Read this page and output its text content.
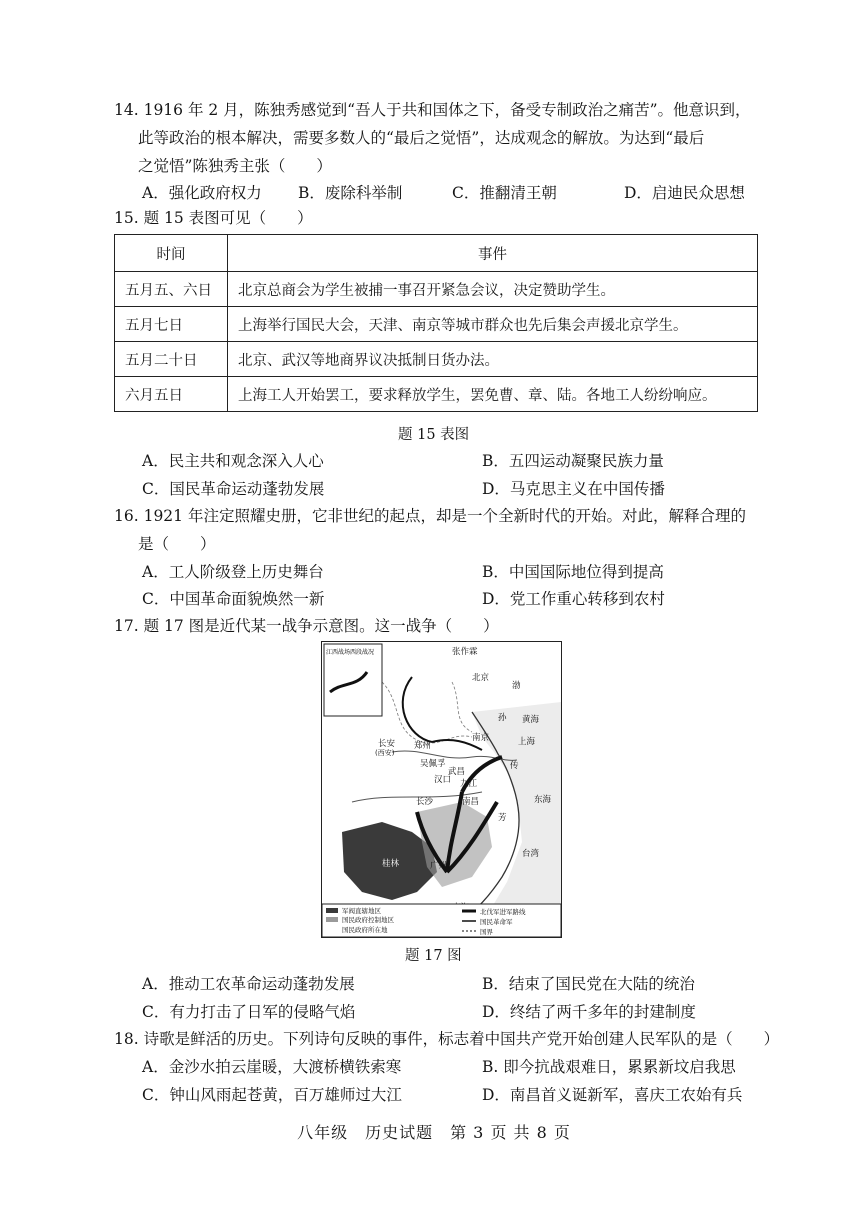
14. 1916 年 2 月，陈独秀感觉到“吾人于共和国体之下，备受专制政治之痛苦”。他意识到，
此等政治的根本解决，需要多数人的“最后之觉悟”，达成观念的解放。为达到“最后
之觉悟”陈独秀主张（　　）
A．强化政府权力 B．废除科举制	C．推翻清王朝	D．启迪民众思想
15. 题 15 表图可见（　　）
时间	事件
五月五、六日	北京总商会为学生被捕一事召开紧急会议，决定赞助学生。
五月七日	上海举行国民大会，天津、南京等城市群众也先后集会声援北京学生。
五月二十日	北京、武汉等地商界议决抵制日货办法。
六月五日	上海工人开始罢工，要求释放学生，罢免曹、章、陆。各地工人纷纷响应。
题 15 表图
A．民主共和观念深入人心	B．五四运动凝聚民族力量
C．国民革命运动蓬勃发展	D．马克思主义在中国传播
16. 1921 年注定照耀史册，它非世纪的起点，却是一个全新时代的开始。对此，解释合理的
是（　　）
A．工人阶级登上历史舞台	B．中国国际地位得到提高
C．中国革命面貌焕然一新	D．党工作重心转移到农村
17. 题 17 图是近代某一战争示意图。这一战争（　　）
江西战场西段战况	张作霖
北京
渤
黄海
长安
(西安)
郑州
吴佩孚
南京	上海
孙
传
芳
汉口
武昌
九江
南昌
长沙	东海
桂林	广州
台湾
军阀直辖地区
国民政府控制地区
国民政府所在地
北伐军进军路线
国民革命军
国界
题 17 图
A．推动工农革命运动蓬勃发展	B．结束了国民党在大陆的统治
C．有力打击了日军的侵略气焰	D．终结了两千多年的封建制度
18. 诗歌是鲜活的历史。下列诗句反映的事件，标志着中国共产党开始创建人民军队的是（　　）
A．金沙水拍云崖暖，大渡桥横铁索寒	B. 即今抗战艰难日，累累新坟启我思
C．钟山风雨起苍黄，百万雄师过大江	D．南昌首义诞新军，喜庆工农始有兵
八年级　历史试题　第 3 页 共 8 页
